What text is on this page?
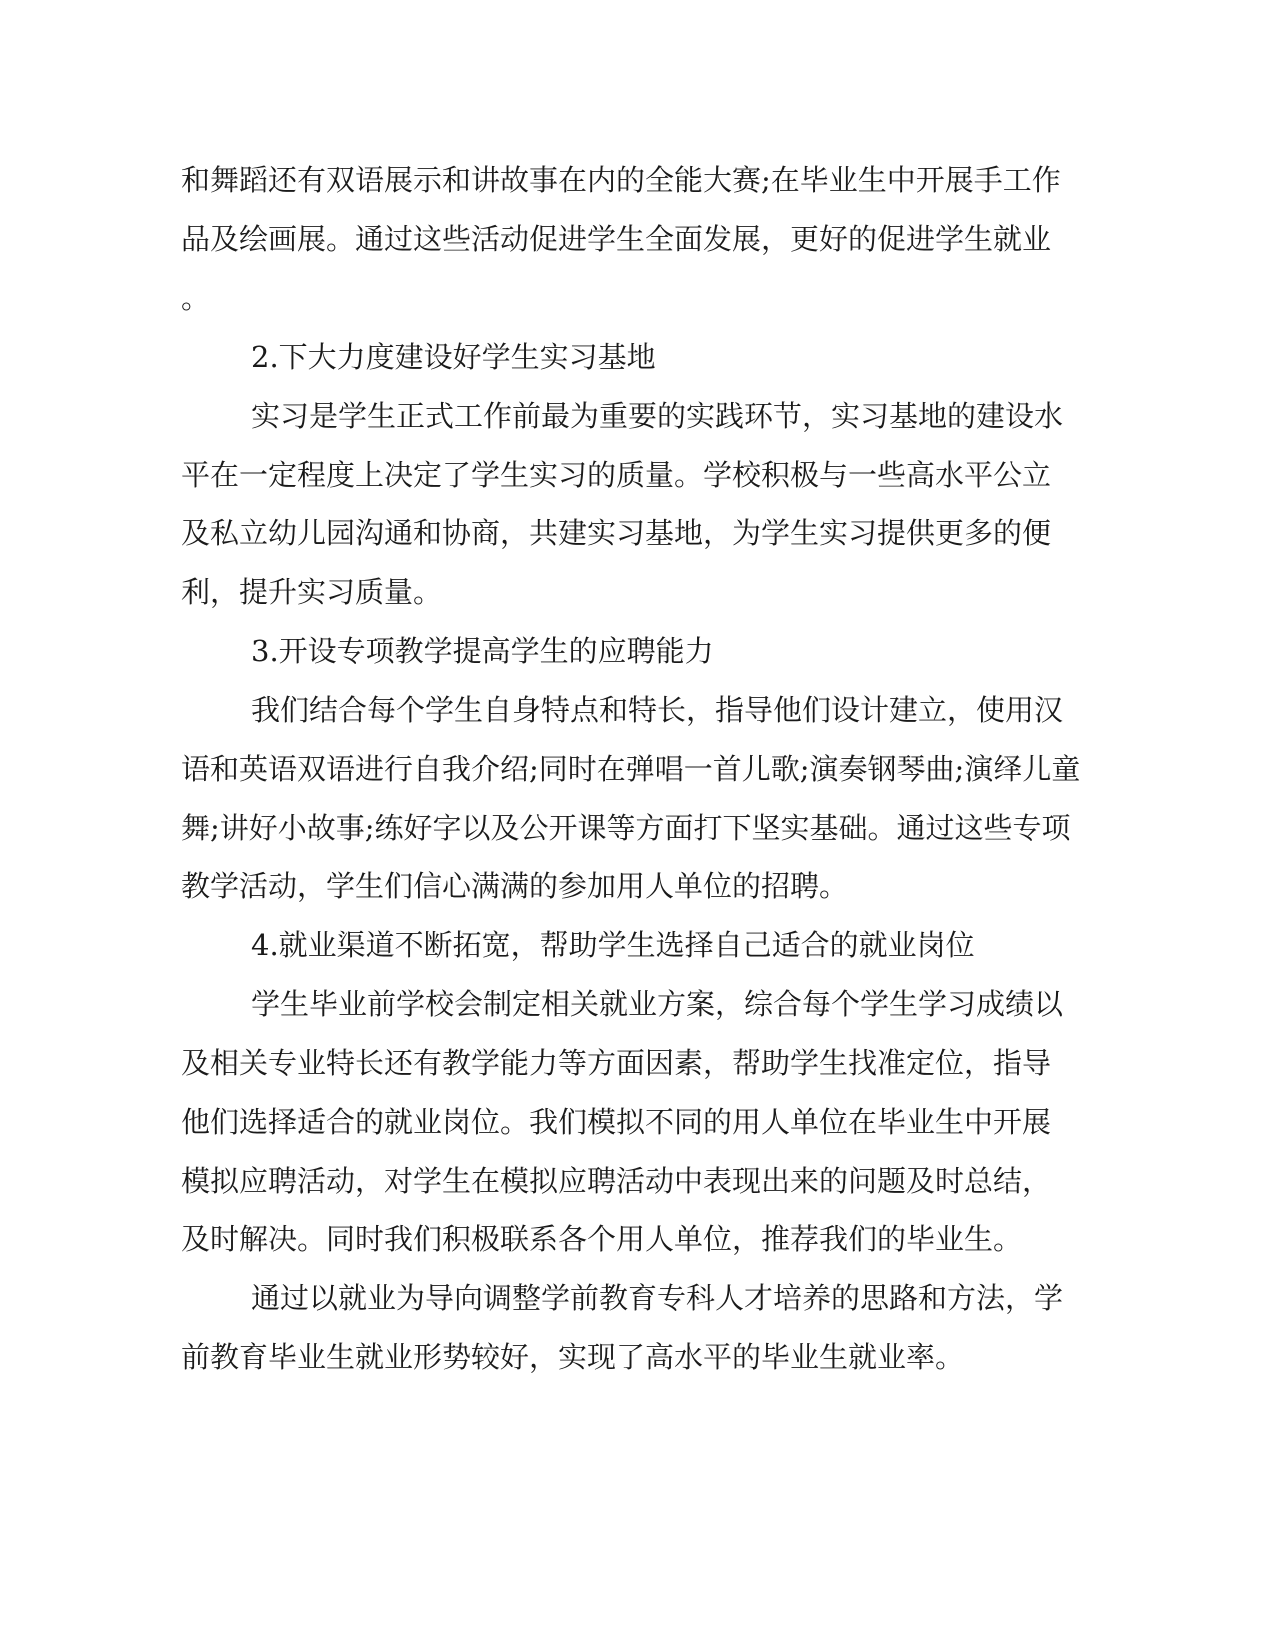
和舞蹈还有双语展示和讲故事在内的全能大赛;在毕业生中开展手工作

品及绘画展。通过这些活动促进学生全面发展，更好的促进学生就业

。

2.下大力度建设好学生实习基地

实习是学生正式工作前最为重要的实践环节，实习基地的建设水

平在一定程度上决定了学生实习的质量。学校积极与一些高水平公立

及私立幼儿园沟通和协商，共建实习基地，为学生实习提供更多的便

利，提升实习质量。

3.开设专项教学提高学生的应聘能力

我们结合每个学生自身特点和特长，指导他们设计建立，使用汉

语和英语双语进行自我介绍;同时在弹唱一首儿歌;演奏钢琴曲;演绎儿童

舞;讲好小故事;练好字以及公开课等方面打下坚实基础。通过这些专项

教学活动，学生们信心满满的参加用人单位的招聘。

4.就业渠道不断拓宽，帮助学生选择自己适合的就业岗位

学生毕业前学校会制定相关就业方案，综合每个学生学习成绩以

及相关专业特长还有教学能力等方面因素，帮助学生找准定位，指导

他们选择适合的就业岗位。我们模拟不同的用人单位在毕业生中开展

模拟应聘活动，对学生在模拟应聘活动中表现出来的问题及时总结，

及时解决。同时我们积极联系各个用人单位，推荐我们的毕业生。

通过以就业为导向调整学前教育专科人才培养的思路和方法，学

前教育毕业生就业形势较好，实现了高水平的毕业生就业率。
